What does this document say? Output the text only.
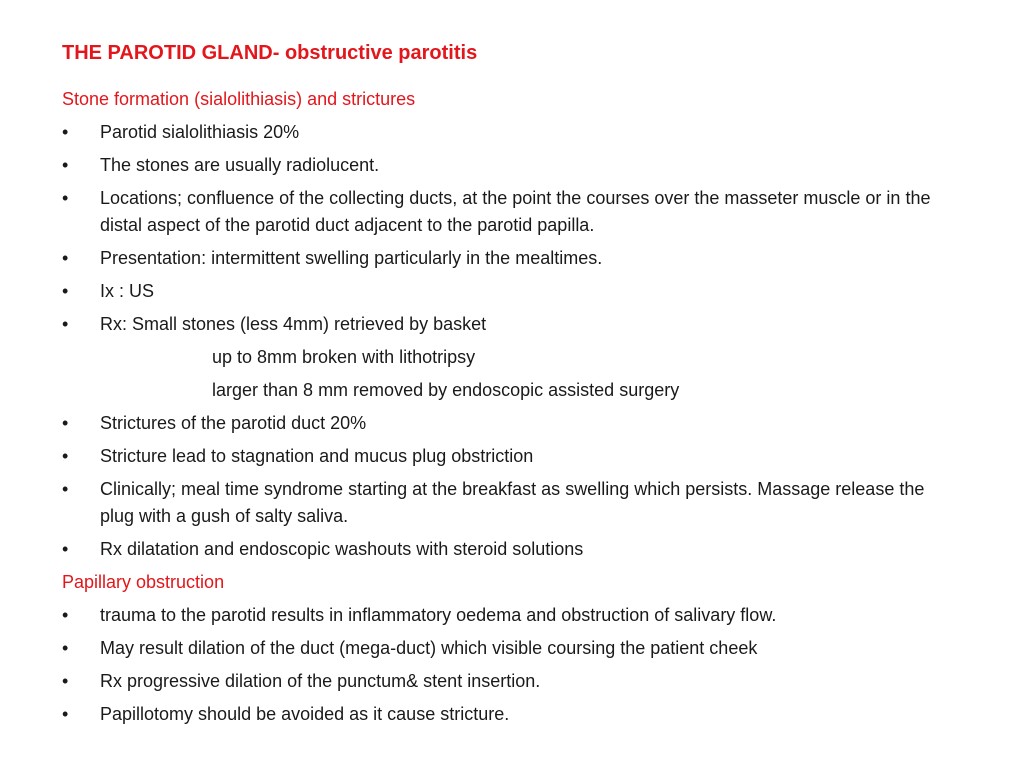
THE PAROTID GLAND- obstructive parotitis
Stone formation (sialolithiasis) and strictures
•	Parotid sialolithiasis 20%
•	The stones are usually radiolucent.
•	Locations; confluence of the collecting ducts, at the point the courses over the masseter muscle or in the distal aspect of the parotid duct adjacent to the parotid papilla.
•	Presentation: intermittent swelling particularly in the mealtimes.
•	Ix : US
•	Rx: Small stones (less 4mm) retrieved by basket
up to 8mm broken with lithotripsy
larger than 8 mm removed by endoscopic assisted surgery
•	Strictures of the parotid duct 20%
•	Stricture lead to stagnation and mucus plug obstriction
•	Clinically; meal time syndrome starting at the breakfast as swelling which persists. Massage release the plug with a gush of salty saliva.
•	Rx dilatation and endoscopic washouts with steroid solutions
Papillary obstruction
•	trauma to the parotid results in inflammatory oedema and obstruction of salivary flow.
•	May result dilation of the duct (mega-duct) which visible coursing the patient cheek
•	Rx progressive dilation of the punctum& stent insertion.
•	Papillotomy should be avoided as it cause stricture.
